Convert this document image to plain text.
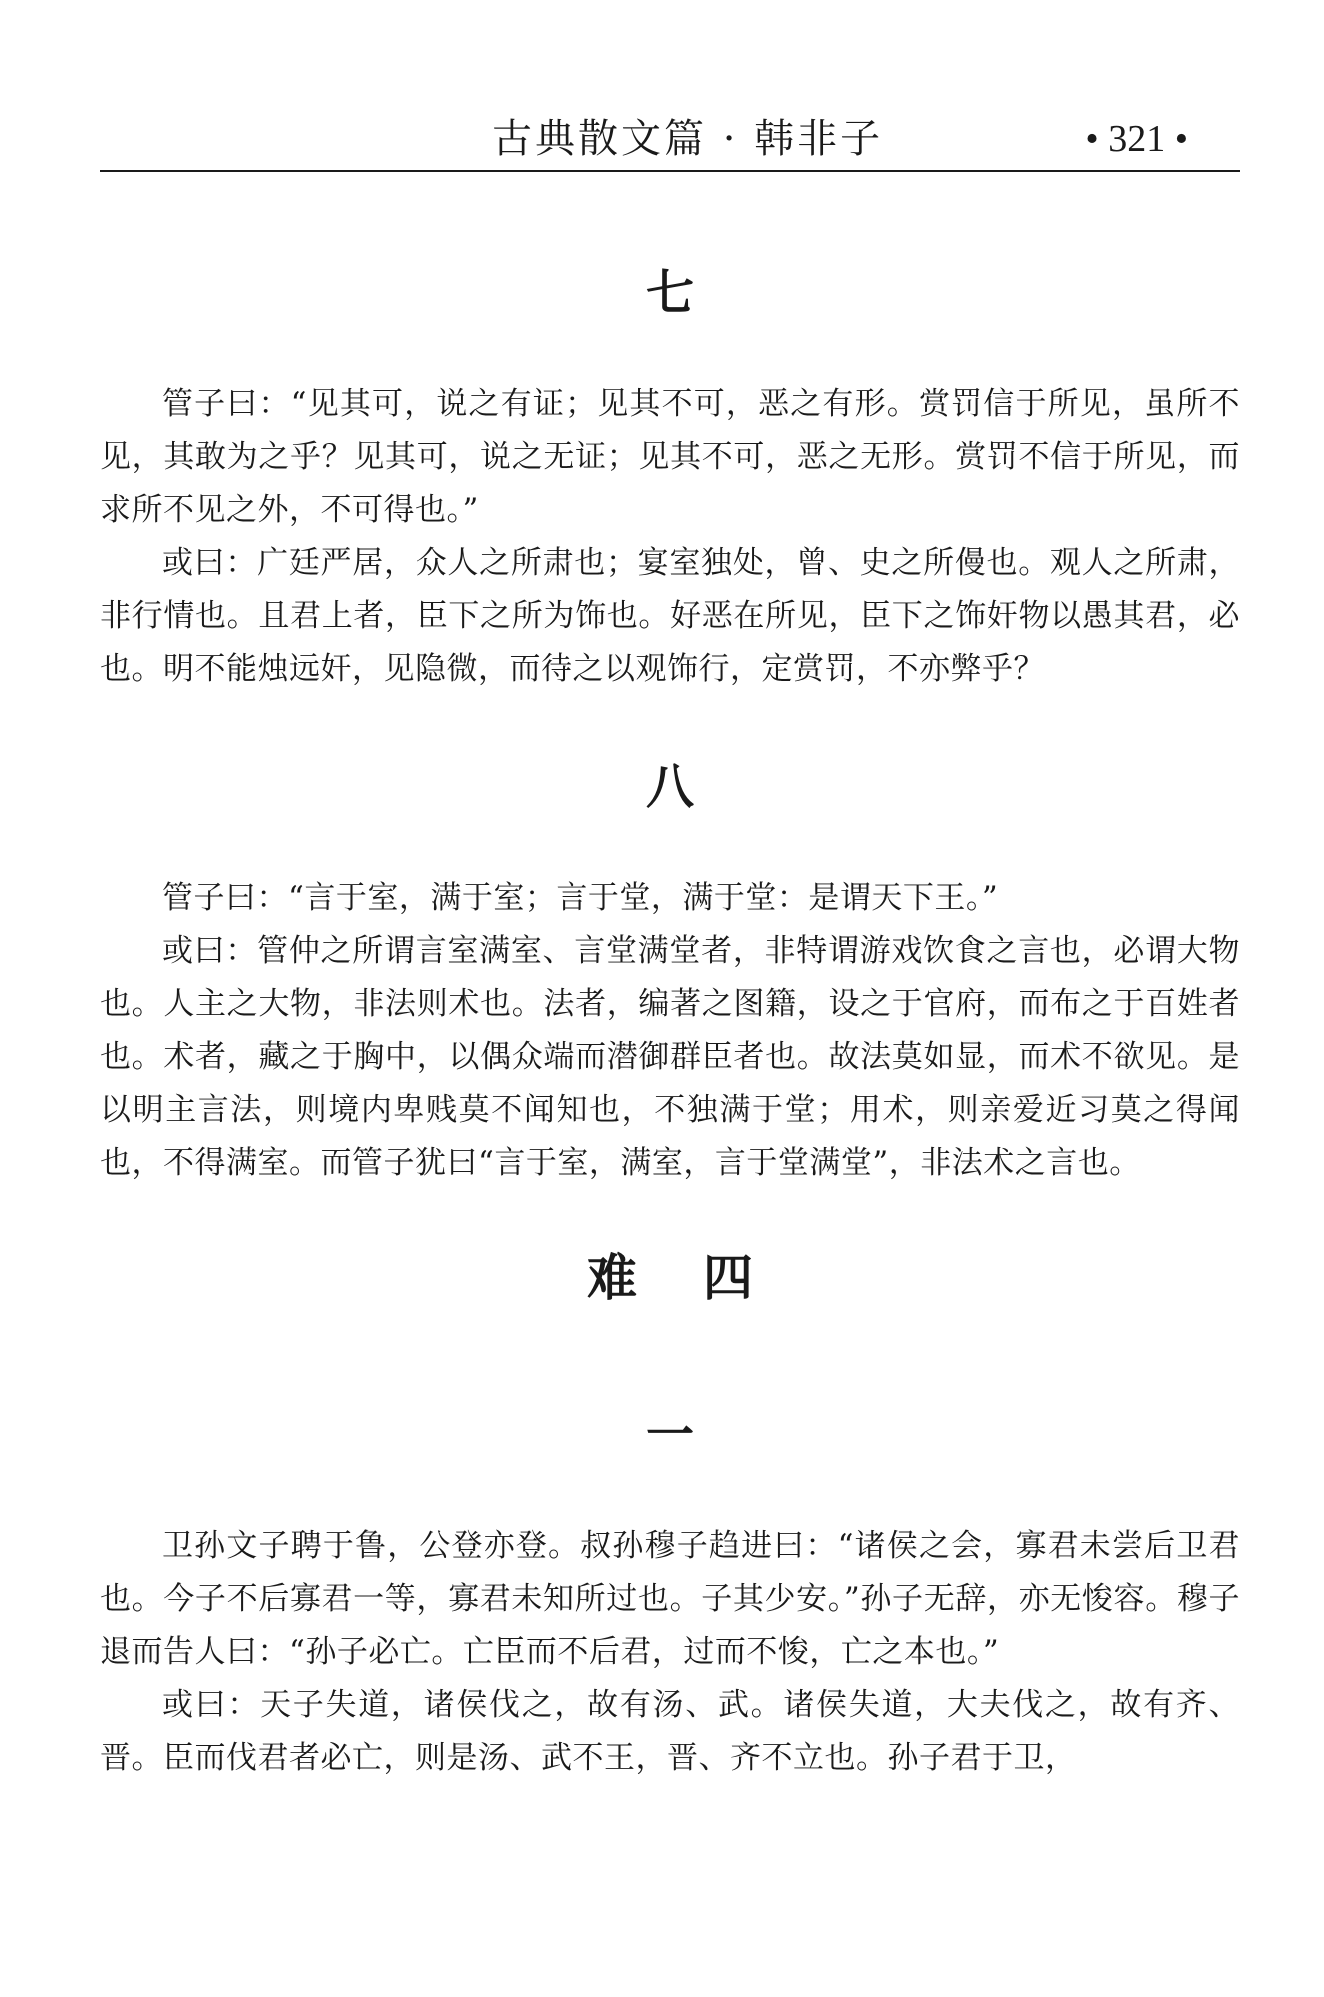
古典散文篇 · 韩非子	• 321 •
七

管子曰：“见其可，说之有证；见其不可，恶之有形。赏罚信于所见，虽所不见，其敢为之乎？见其可，说之无证；见其不可，恶之无形。赏罚不信于所见，而求所不见之外，不可得也。”

或曰：广廷严居，众人之所肃也；宴室独处，曾、史之所僈也。观人之所肃，非行情也。且君上者，臣下之所为饰也。好恶在所见，臣下之饰奸物以愚其君，必也。明不能烛远奸，见隐微，而待之以观饰行，定赏罚，不亦弊乎？

八

管子曰：“言于室，满于室；言于堂，满于堂：是谓天下王。”

或曰：管仲之所谓言室满室、言堂满堂者，非特谓游戏饮食之言也，必谓大物也。人主之大物，非法则术也。法者，编著之图籍，设之于官府，而布之于百姓者也。术者，藏之于胸中，以偶众端而潜御群臣者也。故法莫如显，而术不欲见。是以明主言法，则境内卑贱莫不闻知也，不独满于堂；用术，则亲爱近习莫之得闻也，不得满室。而管子犹曰“言于室，满室，言于堂满堂”，非法术之言也。

难四
一

卫孙文子聘于鲁，公登亦登。叔孙穆子趋进曰：“诸侯之会，寡君未尝后卫君也。今子不后寡君一等，寡君未知所过也。子其少安。”孙子无辞，亦无悛容。穆子退而告人曰：“孙子必亡。亡臣而不后君，过而不悛，亡之本也。”

或曰：天子失道，诸侯伐之，故有汤、武。诸侯失道，大夫伐之，故有齐、晋。臣而伐君者必亡，则是汤、武不王，晋、齐不立也。孙子君于卫，
